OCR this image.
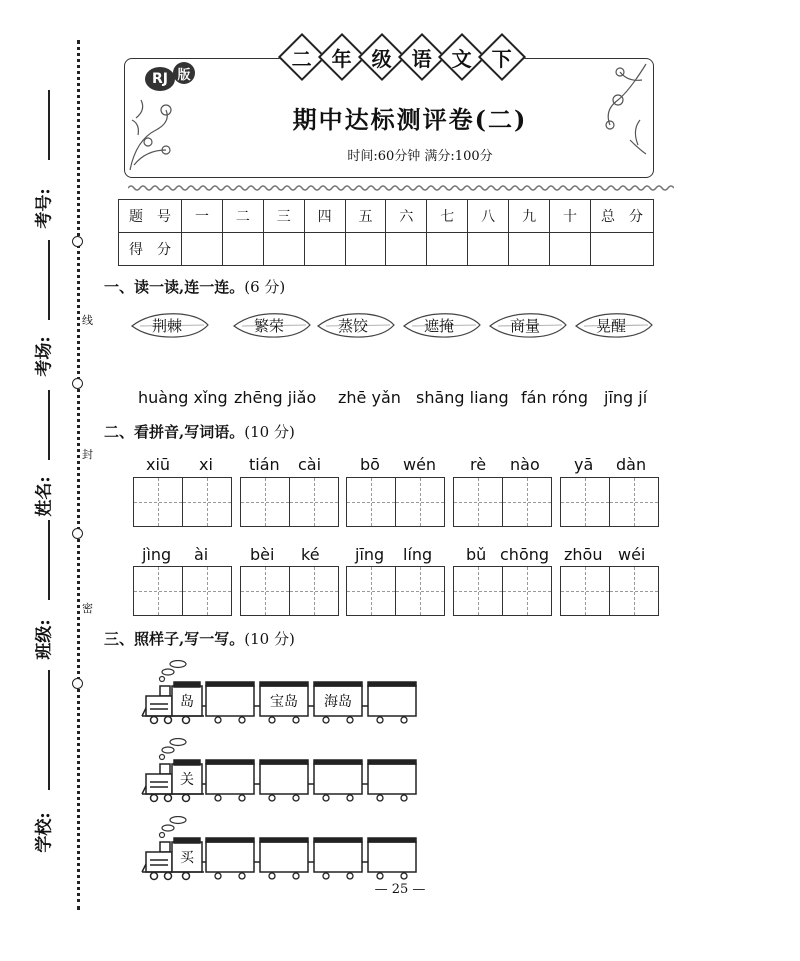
考号:
考场:
姓名:
班级:
学校:
线
封
密
二 年 级 语 文 下
RJ 版
期中达标测评卷(二)
时间:60分钟 满分:100分
题　号	一	二	三	四	五	六	七	八	九	十	总　分
得　分											
一、读一读,连一连。(6 分)
荆棘	繁荣	蒸饺	遮掩	商量	晃醒
huàng xǐng zhēng jiǎo zhē yǎn shāng liang fán róng jīng jí
二、看拼音,写词语。(10 分)
xiū xi tián cài bō wén rè nào yā dàn
jìng ài	bèi ké jīng líng bǔ chōng zhōu wéi
三、照样子,写一写。(10 分)
岛	宝岛 海岛
关
买
— 25 —
